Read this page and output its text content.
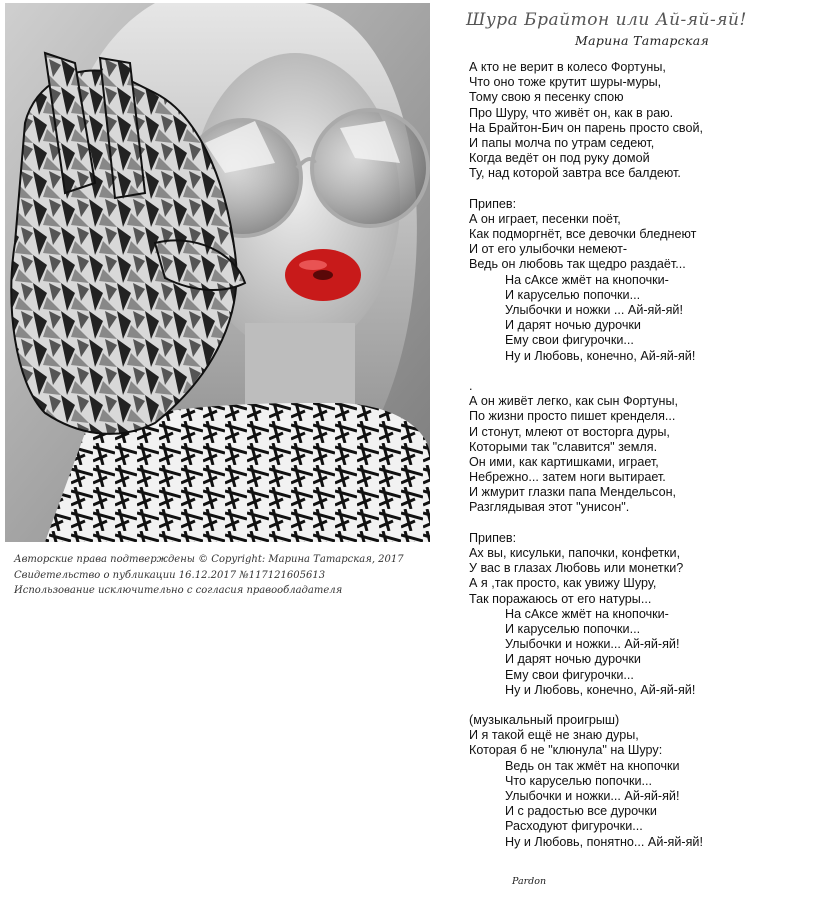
Авторские права подтверждены © Copyright: Марина Татарская, 2017
Свидетельство о публикации 16.12.2017 №117121605613
Использование исключительно с согласия правообладателя
Шура Брайтон или Ай-яй-яй!
Марина Татарская
А кто не верит в колесо Фортуны,
Что оно тоже крутит шуры-муры,
Тому свою я песенку спою
Про Шуру, что живёт он, как в раю.
На Брайтон-Бич он парень просто свой,
И папы молча по утрам седеют,
Когда ведёт он под руку домой
Ту, над которой завтра все балдеют.
Припев:
А он играет, песенки поёт,
Как подморгнёт, все девочки бледнеют
И от его улыбочки немеют-
Ведь он любовь так щедро раздаёт...
На сАксе жмёт на кнопочки-
И каруселью попочки...
Улыбочки и ножки ... Ай-яй-яй!
И дарят ночью дурочки
Ему свои фигурочки...
Ну и Любовь, конечно, Ай-яй-яй!
.
А он живёт легко, как сын Фортуны,
По жизни просто пишет кренделя...
И стонут, млеют от восторга дуры,
Которыми так "славится" земля.
Он ими, как картишками, играет,
Небрежно... затем ноги вытирает.
И жмурит глазки папа Мендельсон,
Разглядывая этот "унисон".
Припев:
Ах вы, кисульки, папочки, конфетки,
У вас в глазах Любовь или монетки?
А я ,так просто, как увижу Шуру,
Так поражаюсь от его натуры...
На сАксе жмёт на кнопочки-
И каруселью попочки...
Улыбочки и ножки... Ай-яй-яй!
И дарят ночью дурочки
Ему свои фигурочки...
Ну и Любовь, конечно, Ай-яй-яй!
(музыкальный проигрыш)
И я такой ещё не знаю дуры,
Которая б не "клюнула" на Шуру:
Ведь он так жмёт на кнопочки
Что каруселью попочки...
Улыбочки и ножки... Ай-яй-яй!
И с радостью все дурочки
Расходуют фигурочки...
Ну и Любовь, понятно... Ай-яй-яй!
Pardon
